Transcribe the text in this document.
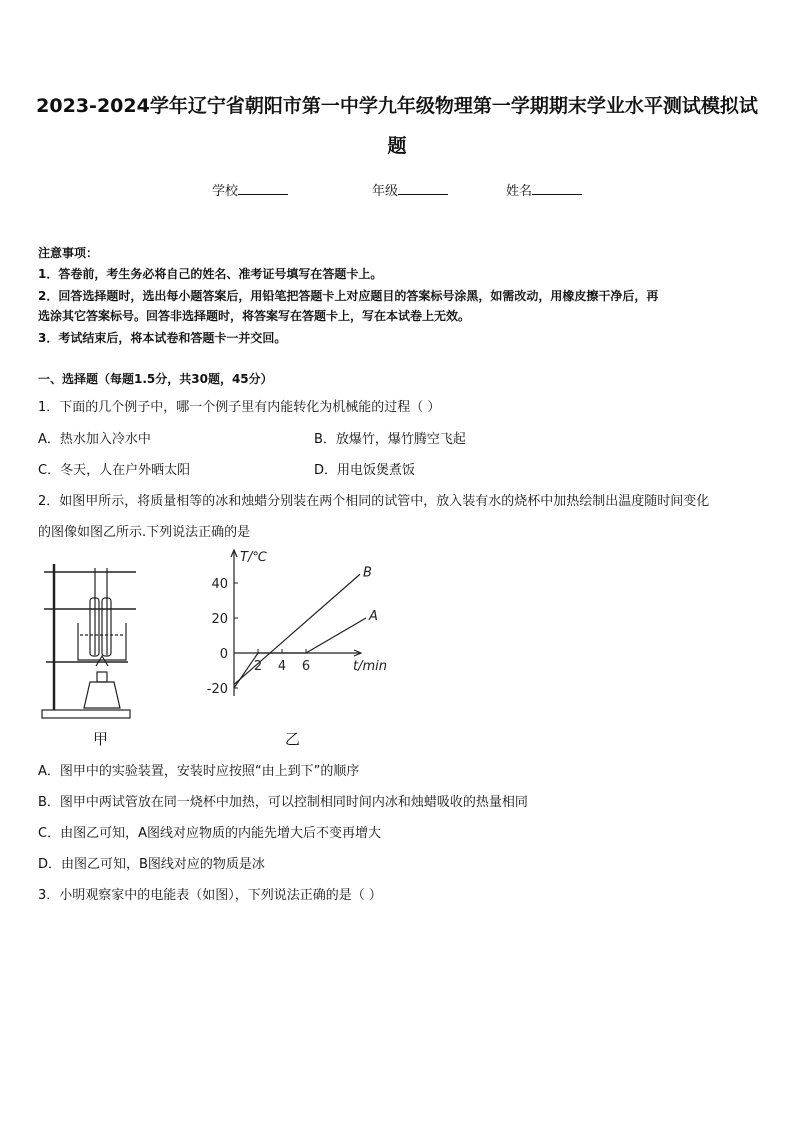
2023-2024学年辽宁省朝阳市第一中学九年级物理第一学期期末学业水平测试模拟试
题
学校	年级	姓名
注意事项：
1．答卷前，考生务必将自己的姓名、准考证号填写在答题卡上。
2．回答选择题时，选出每小题答案后，用铅笔把答题卡上对应题目的答案标号涂黑，如需改动，用橡皮擦干净后，再
选涂其它答案标号。回答非选择题时，将答案写在答题卡上，写在本试卷上无效。
3．考试结束后，将本试卷和答题卡一并交回。
一、选择题（每题1.5分，共30题，45分）
1．下面的几个例子中，哪一个例子里有内能转化为机械能的过程（ ）
A．热水加入冷水中	B．放爆竹，爆竹腾空飞起
C．冬天，人在户外晒太阳	D．用电饭煲煮饭
2．如图甲所示，将质量相等的冰和烛蜡分别装在两个相同的试管中，放入装有水的烧杯中加热绘制出温度随时间变化
的图像如图乙所示.下列说法正确的是
甲
40
20
0
-20
2 4 6
T/℃
t/min
A
B
乙
A．图甲中的实验装置，安装时应按照“由上到下”的顺序
B．图甲中两试管放在同一烧杯中加热，可以控制相同时间内冰和烛蜡吸收的热量相同
C．由图乙可知，A图线对应物质的内能先增大后不变再增大
D．由图乙可知，B图线对应的物质是冰
3．小明观察家中的电能表（如图），下列说法正确的是（ ）
